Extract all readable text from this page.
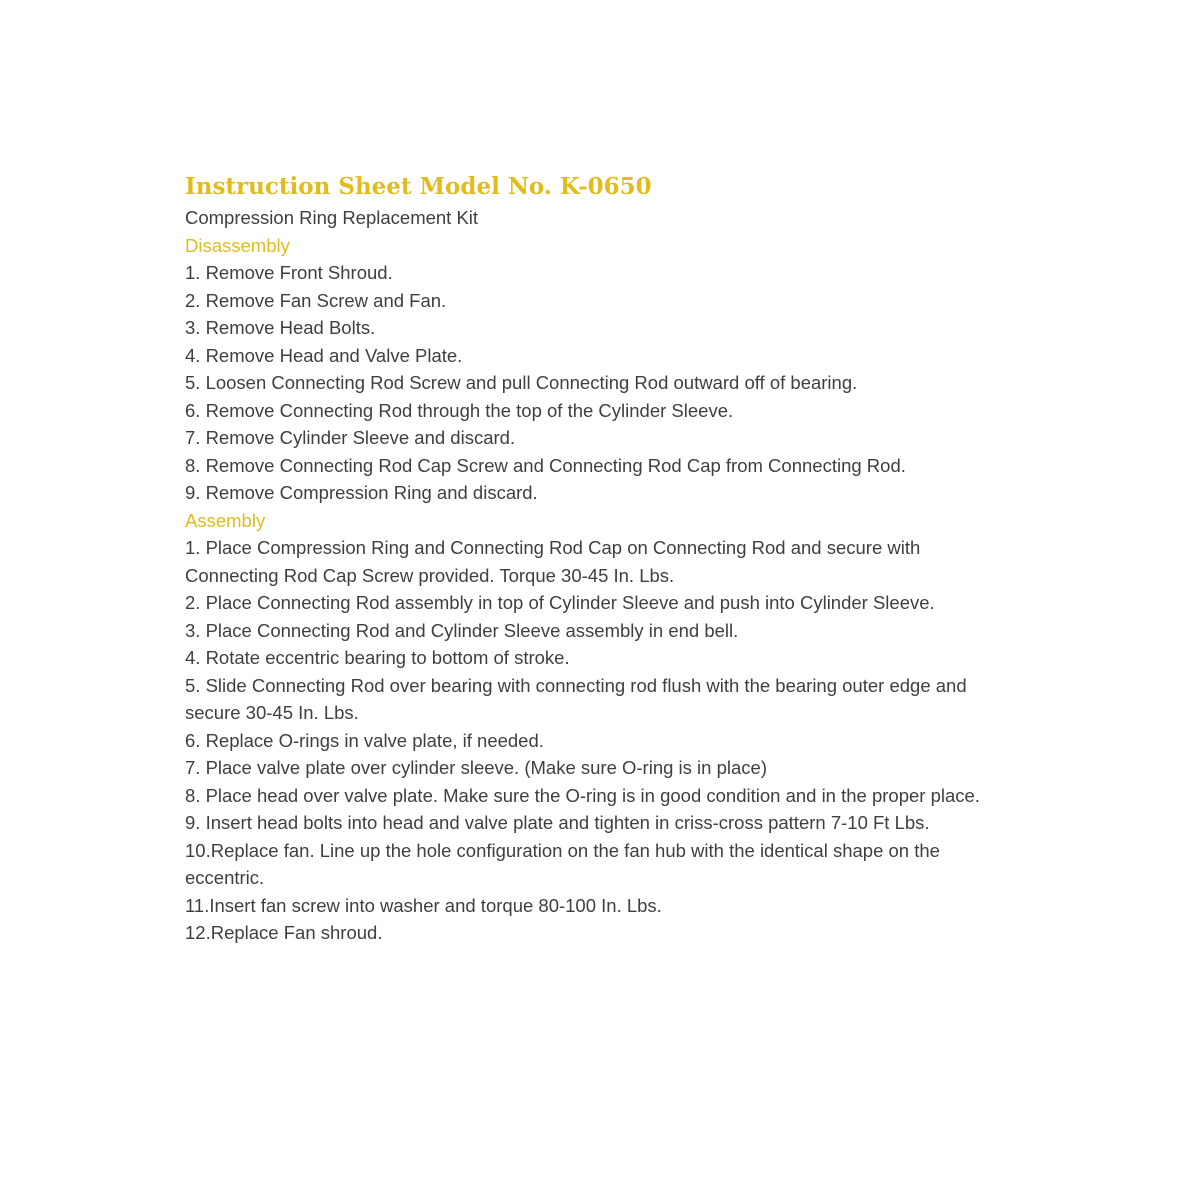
Instruction Sheet Model No. K-0650

Compression Ring Replacement Kit

Disassembly
1. Remove Front Shroud.
2. Remove Fan Screw and Fan.
3. Remove Head Bolts.
4. Remove Head and Valve Plate.
5. Loosen Connecting Rod Screw and pull Connecting Rod outward off of bearing.
6. Remove Connecting Rod through the top of the Cylinder Sleeve.
7. Remove Cylinder Sleeve and discard.
8. Remove Connecting Rod Cap Screw and Connecting Rod Cap from Connecting Rod.
9. Remove Compression Ring and discard.
Assembly
1. Place Compression Ring and Connecting Rod Cap on Connecting Rod and secure with Connecting Rod Cap Screw provided. Torque 30-45 In. Lbs.
2. Place Connecting Rod assembly in top of Cylinder Sleeve and push into Cylinder Sleeve.
3. Place Connecting Rod and Cylinder Sleeve assembly in end bell.
4. Rotate eccentric bearing to bottom of stroke.
5. Slide Connecting Rod over bearing with connecting rod flush with the bearing outer edge and secure 30-45 In. Lbs.
6. Replace O-rings in valve plate, if needed.
7. Place valve plate over cylinder sleeve. (Make sure O-ring is in place)
8. Place head over valve plate. Make sure the O-ring is in good condition and in the proper place.
9. Insert head bolts into head and valve plate and tighten in criss-cross pattern 7-10 Ft Lbs.
10.Replace fan. Line up the hole configuration on the fan hub with the identical shape on the eccentric.
11.Insert fan screw into washer and torque 80-100 In. Lbs.
12.Replace Fan shroud.
